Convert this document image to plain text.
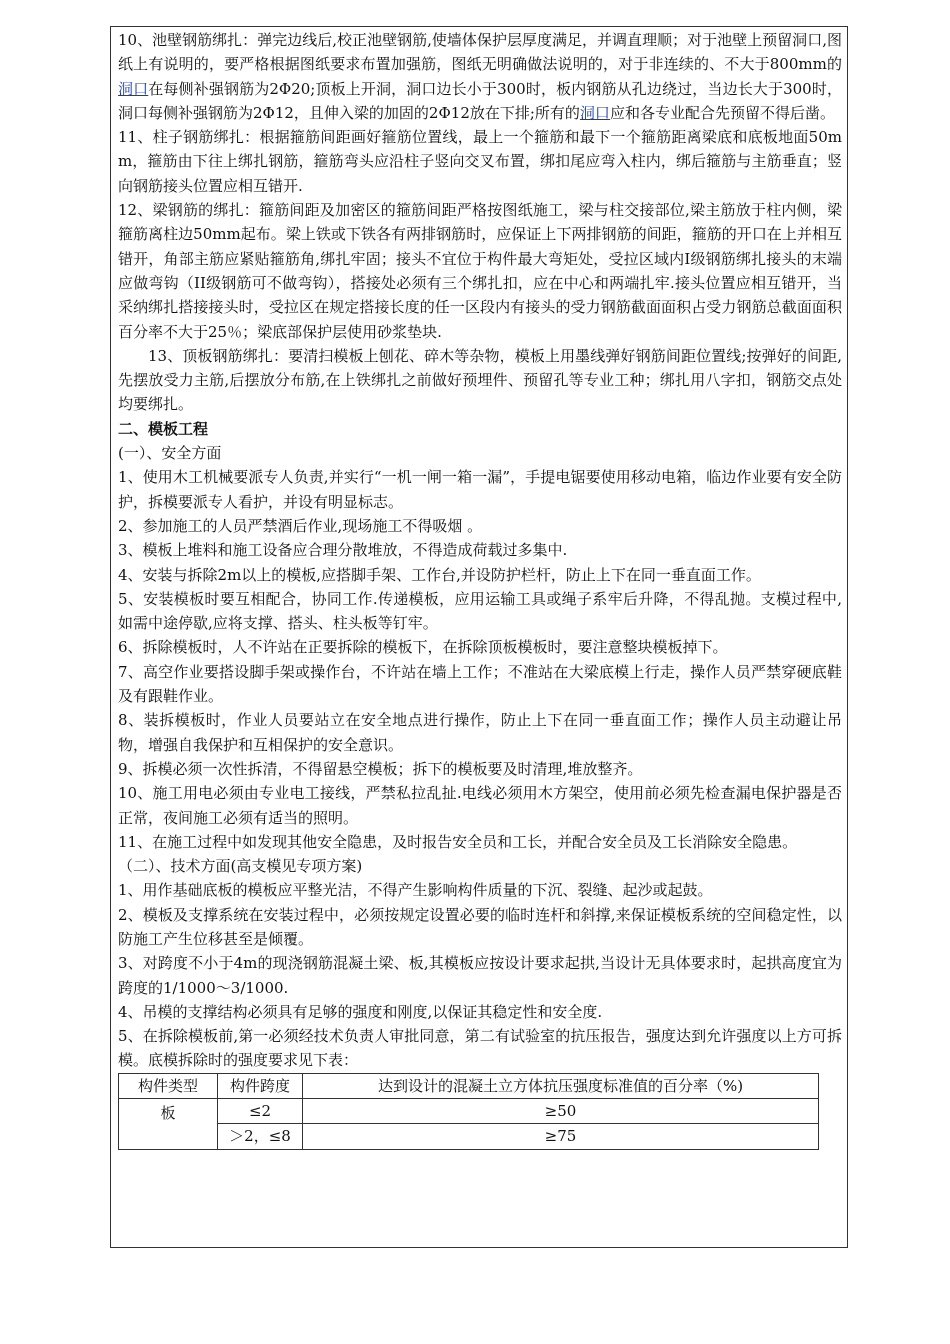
10、池壁钢筋绑扎：弹完边线后,校正池壁钢筋,使墙体保护层厚度满足，并调直理顺；对于池壁上预留洞口,图纸上有说明的，要严格根据图纸要求布置加强筋，图纸无明确做法说明的，对于非连续的、不大于800mm的洞口在每侧补强钢筋为2Φ20;顶板上开洞，洞口边长小于300时，板内钢筋从孔边绕过，当边长大于300时，洞口每侧补强钢筋为2Φ12，且伸入梁的加固的2Φ12放在下排;所有的洞口应和各专业配合先预留不得后凿。

11、柱子钢筋绑扎：根据箍筋间距画好箍筋位置线，最上一个箍筋和最下一个箍筋距离梁底和底板地面50mm，箍筋由下往上绑扎钢筋，箍筋弯头应沿柱子竖向交叉布置，绑扣尾应弯入柱内，绑后箍筋与主筋垂直；竖向钢筋接头位置应相互错开.

12、梁钢筋的绑扎：箍筋间距及加密区的箍筋间距严格按图纸施工，梁与柱交接部位,梁主筋放于柱内侧，梁箍筋离柱边50mm起布。梁上铁或下铁各有两排钢筋时，应保证上下两排钢筋的间距，箍筋的开口在上并相互错开，角部主筋应紧贴箍筋角,绑扎牢固；接头不宜位于构件最大弯矩处，受拉区域内I级钢筋绑扎接头的末端应做弯钩（II级钢筋可不做弯钩），搭接处必须有三个绑扎扣，应在中心和两端扎牢.接头位置应相互错开，当采纳绑扎搭接接头时，受拉区在规定搭接长度的任一区段内有接头的受力钢筋截面面积占受力钢筋总截面面积百分率不大于25％；梁底部保护层使用砂浆垫块.

13、顶板钢筋绑扎：要清扫模板上刨花、碎木等杂物，模板上用墨线弹好钢筋间距位置线;按弹好的间距,先摆放受力主筋,后摆放分布筋,在上铁绑扎之前做好预埋件、预留孔等专业工种；绑扎用八字扣，钢筋交点处均要绑扎。

二、模板工程

(一）、安全方面

1、使用木工机械要派专人负责,并实行“一机一闸一箱一漏”，手提电锯要使用移动电箱，临边作业要有安全防护，拆模要派专人看护，并设有明显标志。

2、参加施工的人员严禁酒后作业,现场施工不得吸烟 。

3、模板上堆料和施工设备应合理分散堆放，不得造成荷载过多集中.

4、安装与拆除2m以上的模板,应搭脚手架、工作台,并设防护栏杆，防止上下在同一垂直面工作。

5、安装模板时要互相配合，协同工作.传递模板，应用运输工具或绳子系牢后升降，不得乱抛。支模过程中,如需中途停歇,应将支撑、搭头、柱头板等钉牢。

6、拆除模板时，人不许站在正要拆除的模板下，在拆除顶板模板时，要注意整块模板掉下。

7、高空作业要搭设脚手架或操作台，不许站在墙上工作；不准站在大梁底模上行走，操作人员严禁穿硬底鞋及有跟鞋作业。

8、装拆模板时，作业人员要站立在安全地点进行操作，防止上下在同一垂直面工作；操作人员主动避让吊物，增强自我保护和互相保护的安全意识。

9、拆模必须一次性拆清，不得留悬空模板；拆下的模板要及时清理,堆放整齐。

10、施工用电必须由专业电工接线，严禁私拉乱扯.电线必须用木方架空，使用前必须先检查漏电保护器是否正常，夜间施工必须有适当的照明。

11、在施工过程中如发现其他安全隐患，及时报告安全员和工长，并配合安全员及工长消除安全隐患。

（二）、技术方面(高支模见专项方案)

1、用作基础底板的模板应平整光洁，不得产生影响构件质量的下沉、裂缝、起沙或起鼓。

2、模板及支撑系统在安装过程中，必须按规定设置必要的临时连杆和斜撑,来保证模板系统的空间稳定性，以防施工产生位移甚至是倾覆。

3、对跨度不小于4m的现浇钢筋混凝土梁、板,其模板应按设计要求起拱,当设计无具体要求时，起拱高度宜为跨度的1/1000～3/1000.

4、吊模的支撑结构必须具有足够的强度和刚度,以保证其稳定性和安全度.

5、在拆除模板前,第一必须经技术负责人审批同意，第二有试验室的抗压报告，强度达到允许强度以上方可拆模。底模拆除时的强度要求见下表：

构件类型	构件跨度	达到设计的混凝土立方体抗压强度标准值的百分率（%)
板	≤2	≥50
	＞2，≤8	≥75
